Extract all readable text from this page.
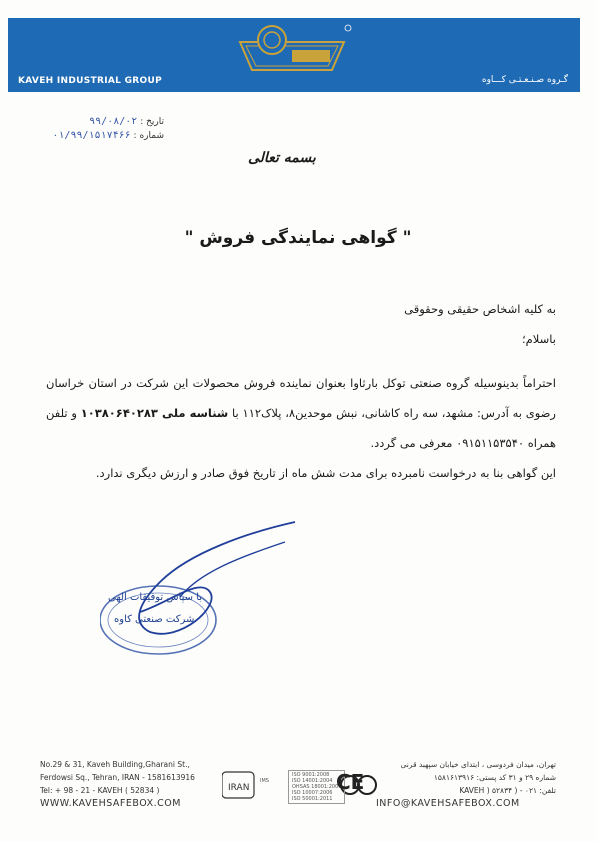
KAVEH INDUSTRIAL GROUP	گـروه صـنـعـتـی کـــاوه
تاریخ : ۹۹/۰۸/۰۲
شماره : ۰۱/۹۹/۱۵۱۷۴۶۶
بسمه تعالی
" گواهی نمایندگی فروش "
به کلیه اشخاص حقیقی وحقوقی
باسلام؛
احتراماً بدینوسیله گروه صنعتی توکل بارثاوا بعنوان نماینده فروش محصولات این شرکت در استان خراسان رضوی به آدرس: مشهد، سه راه کاشانی، نبش موحدین۸، پلاک۱۱۲ با شناسه ملی ۱۰۳۸۰۶۴۰۲۸۳ و تلفن همراه ۰۹۱۵۱۱۵۳۵۴۰ معرفی می گردد.
این گواهی بنا به درخواست نامبرده برای مدت شش ماه از تاریخ فوق صادر و ارزش دیگری ندارد.
با سپاس توفیقات الهی
شرکت صنعتی کاوه
No.29 & 31, Kaveh Building,Gharani St.,
Ferdowsi Sq., Tehran, IRAN - 1581613916
Tel: + 98 - 21 - KAVEH ( 52834 )
WWW.KAVEHSAFEBOX.COM
IRAN
IMS
ISO 9001:2008
ISO 14001:2004
OHSAS 18001:2007
ISO 10007:2006
ISO 50001:2011
CE
تهران، میدان فردوسی ، ابتدای خیابان سپهبد قرنی
شماره ۲۹ و ۳۱ کد پستی: ۱۵۸۱۶۱۳۹۱۶
تلفن: KAVEH ) ۵۲۸۳۴ ) - ۰۲۱
INFO@KAVEHSAFEBOX.COM
